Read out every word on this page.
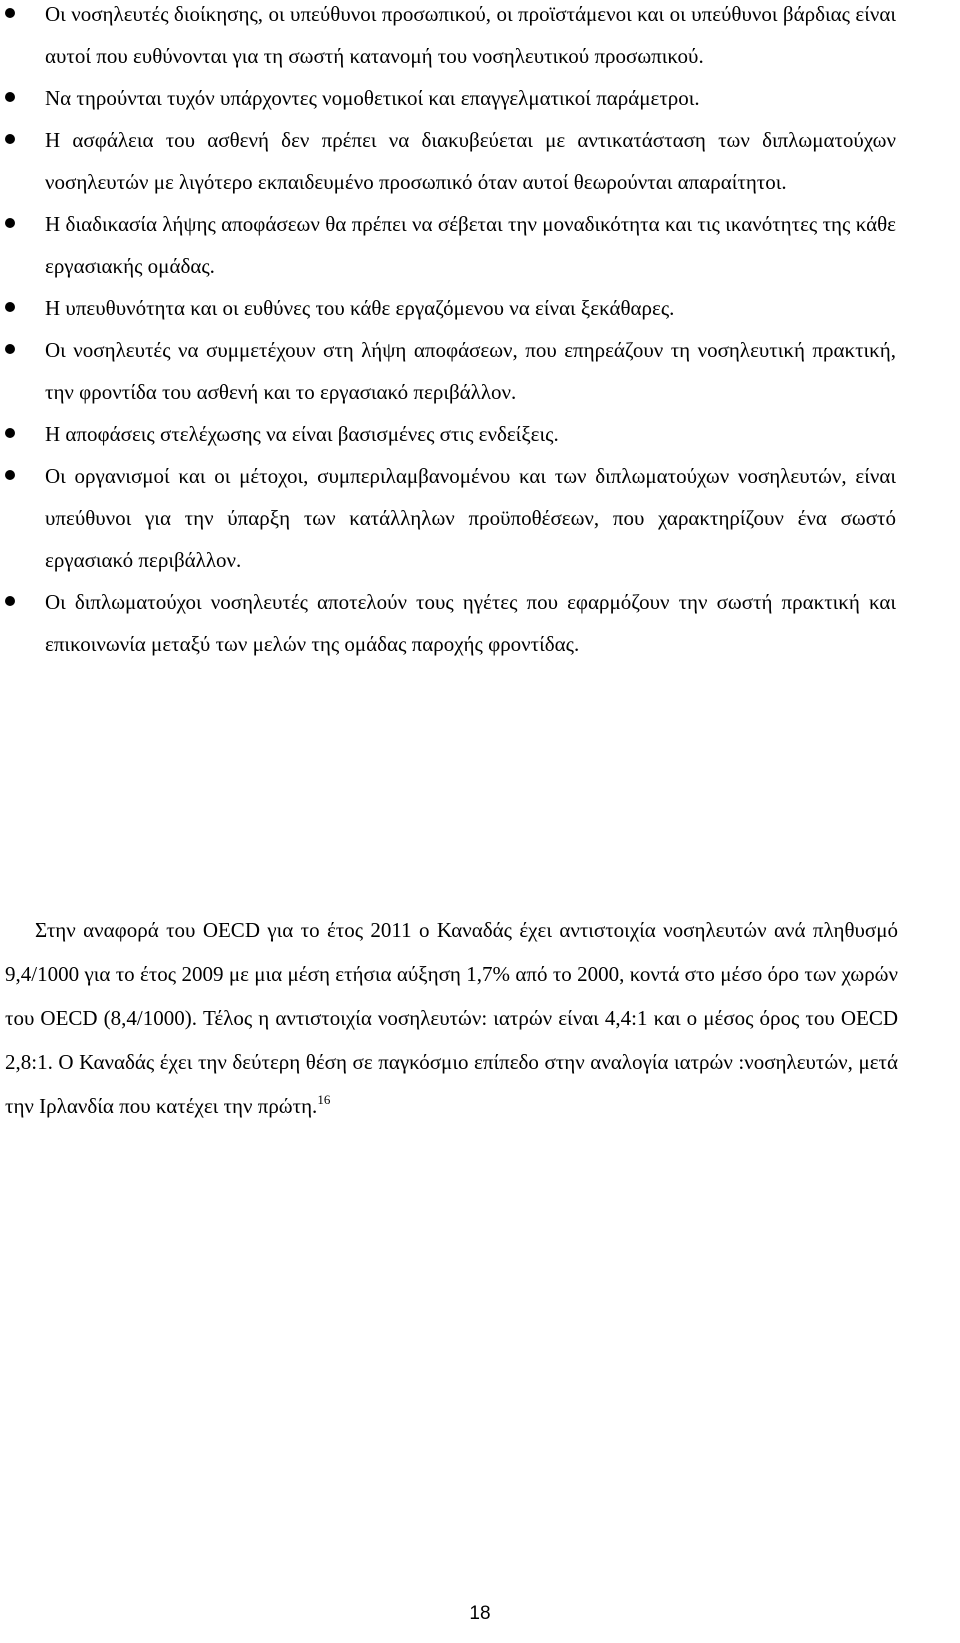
Οι νοσηλευτές διοίκησης, οι υπεύθυνοι προσωπικού, οι προϊστάμενοι και οι υπεύθυνοι βάρδιας είναι αυτοί που ευθύνονται για τη σωστή κατανομή του νοσηλευτικού προσωπικού.
Να τηρούνται τυχόν υπάρχοντες νομοθετικοί και επαγγελματικοί παράμετροι.
Η ασφάλεια του ασθενή δεν πρέπει να διακυβεύεται με αντικατάσταση των διπλωματούχων νοσηλευτών με λιγότερο εκπαιδευμένο προσωπικό όταν αυτοί θεωρούνται απαραίτητοι.
Η διαδικασία λήψης αποφάσεων θα πρέπει να σέβεται την μοναδικότητα και τις ικανότητες της κάθε εργασιακής ομάδας.
Η υπευθυνότητα και οι ευθύνες του κάθε εργαζόμενου να είναι ξεκάθαρες.
Οι νοσηλευτές να συμμετέχουν στη λήψη αποφάσεων, που επηρεάζουν τη νοσηλευτική πρακτική, την φροντίδα του ασθενή και το εργασιακό περιβάλλον.
Η αποφάσεις στελέχωσης να είναι βασισμένες στις ενδείξεις.
Οι οργανισμοί και οι μέτοχοι, συμπεριλαμβανομένου και των διπλωματούχων νοσηλευτών, είναι υπεύθυνοι για την ύπαρξη των κατάλληλων προϋποθέσεων, που χαρακτηρίζουν ένα σωστό εργασιακό περιβάλλον.
Οι διπλωματούχοι νοσηλευτές αποτελούν τους ηγέτες που εφαρμόζουν την σωστή πρακτική και επικοινωνία μεταξύ των μελών της ομάδας παροχής φροντίδας.

Στην αναφορά του OECD για το έτος 2011 ο Καναδάς έχει αντιστοιχία νοσηλευτών ανά πληθυσμό 9,4/1000 για το έτος 2009 με μια μέση ετήσια αύξηση 1,7% από το 2000, κοντά στο μέσο όρο των χωρών του OECD (8,4/1000). Τέλος η αντιστοιχία νοσηλευτών: ιατρών είναι 4,4:1 και ο μέσος όρος του OECD 2,8:1. Ο Καναδάς έχει την δεύτερη θέση σε παγκόσμιο επίπεδο στην αναλογία ιατρών :νοσηλευτών, μετά την Ιρλανδία που κατέχει την πρώτη.$^{16}$

18
